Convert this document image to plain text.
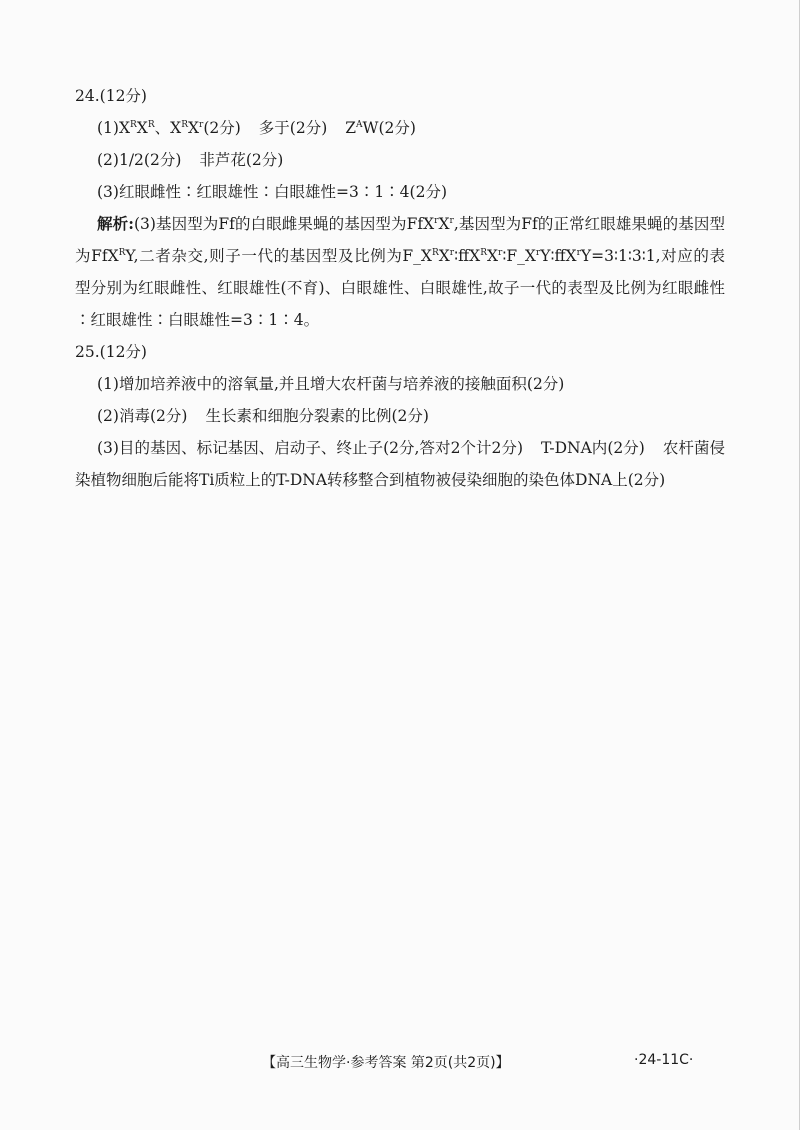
24.(12分)

$(1)X^RX^R$、$X^RX^r(2$分) 多于(2分) $Z^AW(2$分)

(2)1/2(2分) 非芦花(2分)

(3)红眼雌性∶红眼雄性∶白眼雄性=3∶1∶4(2分)

解析:(3)基因型为Ff的白眼雌果蝇的基因型为$FfX^rX^r$,基因型为Ff的正常红眼雄果蝇的基因型为FfX$^R$Y,二者杂交,则子一代的基因型及比例为$F\_X^RX^r∶ffX^RX^r∶F\_X^rY∶ffX^rY=3∶1∶3∶1$,对应的表型分别为红眼雌性、红眼雄性(不育)、白眼雄性、白眼雄性,故子一代的表型及比例为红眼雌性∶红眼雄性∶白眼雄性=3∶1∶4。

25.(12分)

(1)增加培养液中的溶氧量,并且增大农杆菌与培养液的接触面积(2分)

(2)消毒(2分) 生长素和细胞分裂素的比例(2分)

(3)目的基因、标记基因、启动子、终止子(2分,答对2个计2分) T-DNA内(2分) 农杆菌侵染植物细胞后能将Ti质粒上的T-DNA转移整合到植物被侵染细胞的染色体DNA上(2分)

【高三生物学·参考答案 第2页(共2页)】	·24-11C·
